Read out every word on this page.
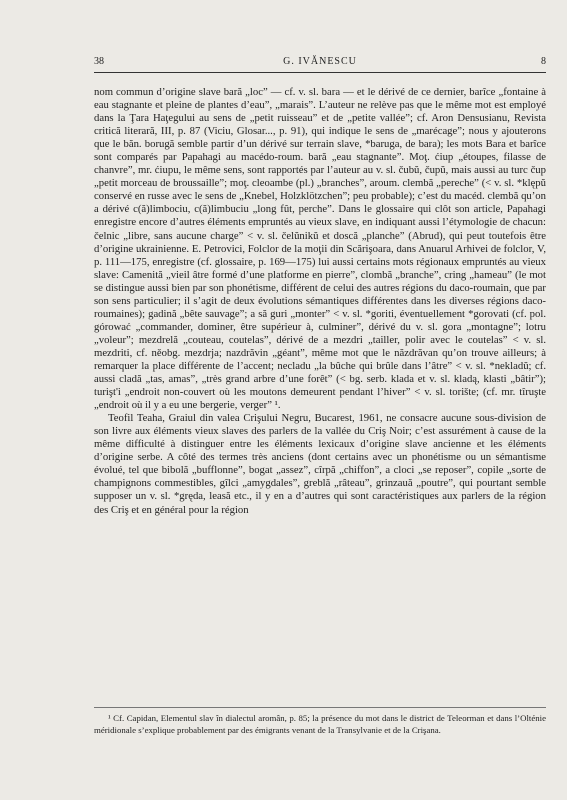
38	G. IVĂNESCU	8

nom commun d’origine slave bară „loc” — cf. v. sl. bara — et le dérivé de ce dernier, barîce „fontaine à eau stagnante et pleine de plantes d’eau”, „marais”. L’auteur ne relève pas que le même mot est employé dans la Ţara Haţegului au sens de „petit ruisseau” et de „petite vallée”; cf. Aron Densusianu, Revista critică literară, III, p. 87 (Viciu, Glosar..., p. 91), qui indique le sens de „marécage”; nous y ajouterons que le băn. borugă semble partir d’un dérivé sur terrain slave, *baruga, de bara); les mots Bara et barîce sont comparés par Papahagi au macédo-roum. bară „eau stagnante”. Moţ. ćiup „étoupes, filasse de chanvre”, mr. ćiupu, le même sens, sont rapportés par l’auteur au v. sl. čubŭ, čupŭ, mais aussi au turc čup „petit morceau de broussaille”; moţ. cleoambe (pl.) „branches”, aroum. clembă „pereche” (< v. sl. *klępŭ conservé en russe avec le sens de „Knebel, Holzklötzchen”; peu probable); c’est du macéd. clembă qu’on a dérivé c(ă)limbociu, c(ă)limbuciu „long fût, perche”. Dans le glossaire qui clôt son article, Papahagi enregistre encore d’autres éléments empruntés au vieux slave, en indiquant aussi l’étymologie de chacun: čelnic „libre, sans aucune charge” < v. sl. čelŭnikŭ et doscă „planche” (Abrud), qui peut toutefois être d’origine ukrainienne. E. Petrovici, Folclor de la moţii din Scărişoara, dans Anuarul Arhivei de folclor, V, p. 111—175, enregistre (cf. glossaire, p. 169—175) lui aussi certains mots régionaux empruntés au vieux slave: Camenită „vieil âtre formé d’une platforme en pierre”, clombă „branche”, cring „hameau” (le mot se distingue aussi bien par son phonétisme, différent de celui des autres régions du daco-roumain, que par son sens particulier; il s’agit de deux évolutions sémantiques différentes dans les diverses régions daco-roumaines); gadină „bête sauvage”; a să guri „monter” < v. sl. *goriti, éventuellement *gorovati (cf. pol. górować „commander, dominer, être supérieur à, culminer”, dérivé du v. sl. gora „montagne”; lotru „voleur”; mezdrelă „couteau, coutelas”, dérivé de a mezdri „tailler, polir avec le coutelas” < v. sl. mezdriti, cf. něobg. mezdrja; nazdrăvin „géant”, même mot que le năzdrăvan qu’on trouve ailleurs; à remarquer la place différente de l’accent; necladu „la bûche qui brûle dans l’âtre” < v. sl. *nekladŭ; cf. aussi cladă „tas, amas”, „très grand arbre d’une forêt” (< bg. serb. klada et v. sl. kladą, klasti „bâtir”); turişt'i „endroit non-couvert où les moutons demeurent pendant l’hiver” < v. sl. torište; (cf. mr. tîruşte „endroit où il y a eu une bergerie, verger” ¹.

Teofil Teaha, Graiul din valea Crişului Negru, Bucarest, 1961, ne consacre aucune sous-division de son livre aux éléments vieux slaves des parlers de la vallée du Criş Noir; c’est assurément à cause de la même difficulté à distinguer entre les éléments lexicaux d’origine slave ancienne et les éléments d’origine serbe. A côté des termes très anciens (dont certains avec un phonétisme ou un sémantisme évolué, tel que bibolă „bufflonne”, bogat „assez”, cîrpă „chiffon”, a cloci „se reposer”, copile „sorte de champignons commestibles, gîlci „amygdales”, greblă „râteau”, grinzauă „poutre”, qui pourtant semble supposer un v. sl. *gręda, leasă etc., il y en a d’autres qui sont caractéristiques aux parlers de la région des Criş et en général pour la région

¹ Cf. Capidan, Elementul slav în dialectul aromân, p. 85; la présence du mot dans le district de Teleorman et dans l’Olténie méridionale s’explique probablement par des émigrants venant de la Transylvanie et de la Crişana.
